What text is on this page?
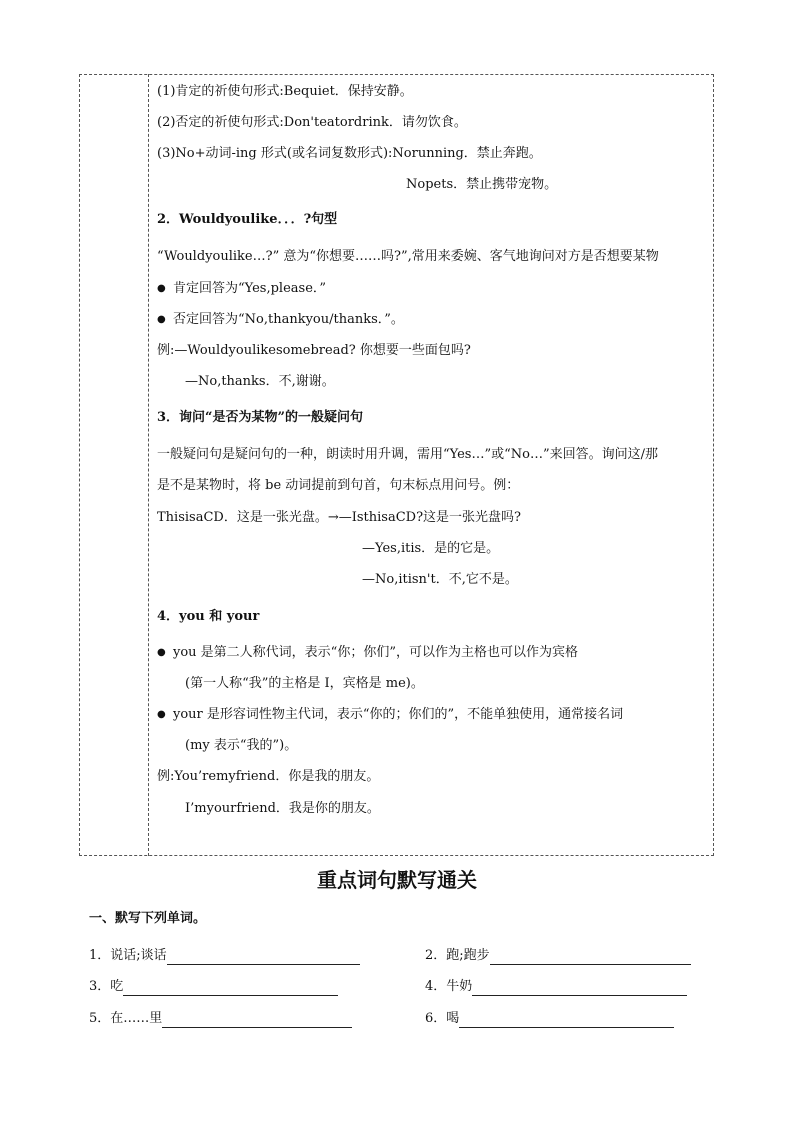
(1)肯定的祈使句形式:Bequiet．保持安静。
(2)否定的祈使句形式:Don'teatordrink．请勿饮食。
(3)No+动词-ing 形式(或名词复数形式):Norunning．禁止奔跑。
Nopets．禁止携带宠物。
2．Wouldyoulike．．．?句型
“Wouldyoulike…?” 意为“你想要……吗?”,常用来委婉、客气地询问对方是否想要某物
● 肯定回答为“Yes,please．”
● 否定回答为“No,thankyou/thanks．”。
例:—Wouldyoulikesomebread? 你想要一些面包吗?
—No,thanks．不,谢谢。
3．询问“是否为某物”的一般疑问句
一般疑问句是疑问句的一种，朗读时用升调，需用“Yes…”或“No…”来回答。询问这/那
是不是某物时，将 be 动词提前到句首，句末标点用问号。例：
ThisisaCD．这是一张光盘。→—IsthisaCD?这是一张光盘吗?
—Yes,itis．是的它是。
—No,itisn't．不,它不是。
4．you 和 your
● you 是第二人称代词，表示“你；你们”，可以作为主格也可以作为宾格
(第一人称“我”的主格是 I，宾格是 me)。
● your 是形容词性物主代词，表示“你的；你们的”，不能单独使用，通常接名词
(my 表示“我的”)。
例:You’remyfriend．你是我的朋友。
I’myourfriend．我是你的朋友。
重点词句默写通关
一、默写下列单词。
1．说话;谈话	2．跑;跑步
3．吃	4．牛奶
5．在……里	6．喝
